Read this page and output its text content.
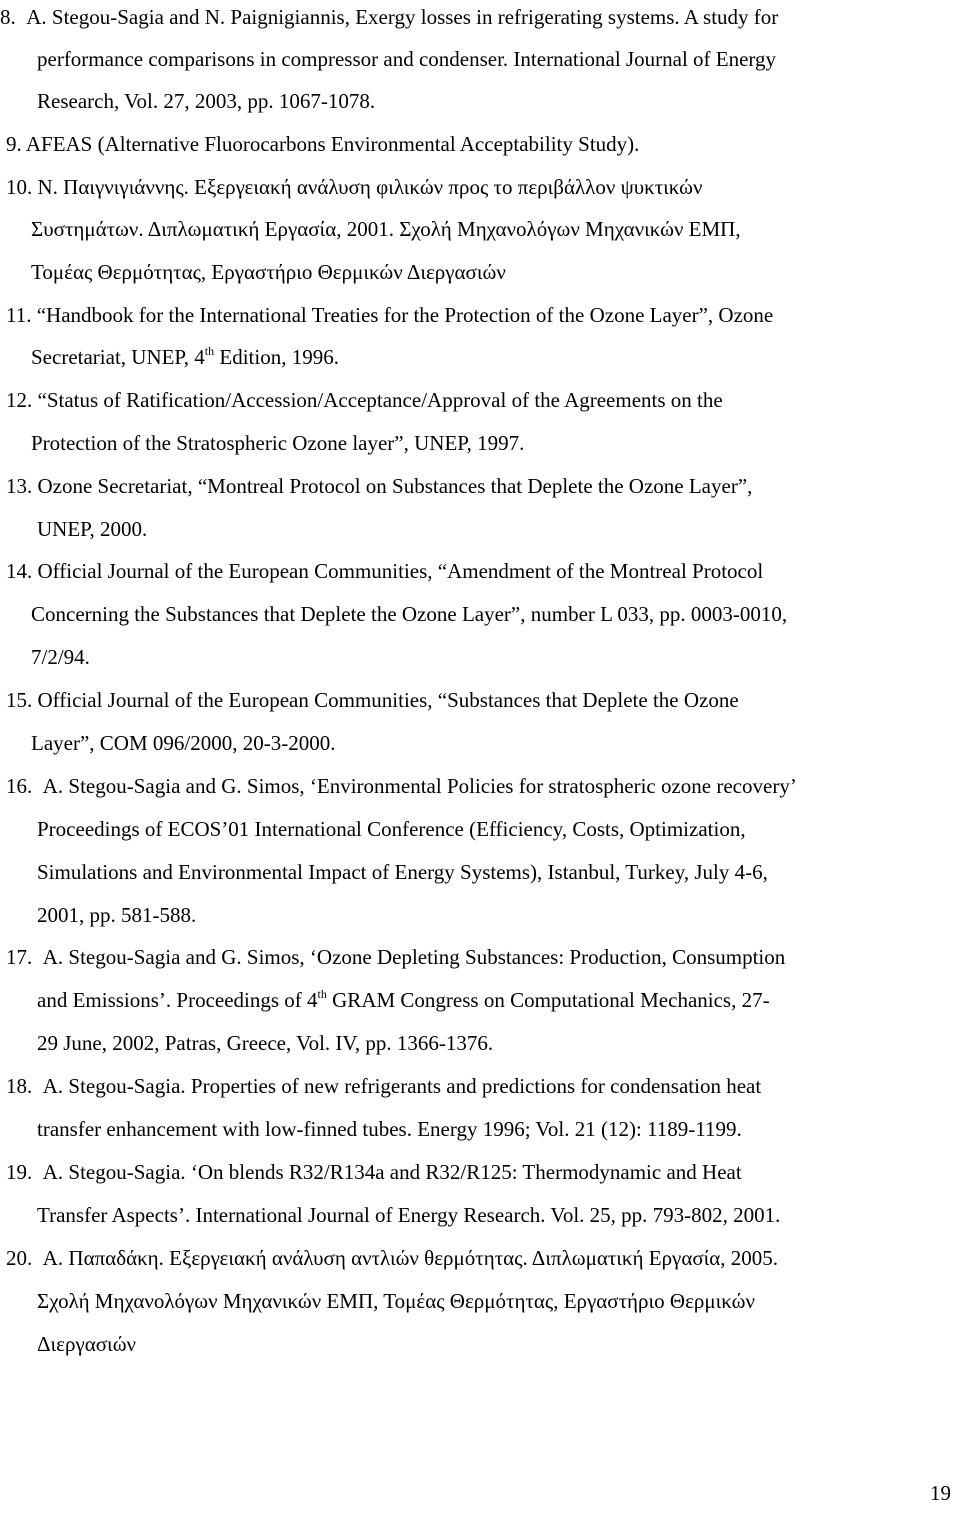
8. A. Stegou-Sagia and N. Paignigiannis, Exergy losses in refrigerating systems. A study for
performance comparisons in compressor and condenser. International Journal of Energy
Research, Vol. 27, 2003, pp. 1067-1078.
9. AFEAS (Alternative Fluorocarbons Environmental Acceptability Study).
10. Ν. Παιγνιγιάννης. Εξεργειακή ανάλυση φιλικών προς το περιβάλλον ψυκτικών
Συστημάτων. Διπλωματική Εργασία, 2001. Σχολή Μηχανολόγων Μηχανικών ΕΜΠ,
Τομέας Θερμότητας, Εργαστήριο Θερμικών Διεργασιών
11. “Handbook for the International Treaties for the Protection of the Ozone Layer”, Ozone
Secretariat, UNEP, 4th Edition, 1996.
12. “Status of Ratification/Accession/Acceptance/Approval of the Agreements on the
Protection of the Stratospheric Ozone layer”, UNEP, 1997.
13. Ozone Secretariat, “Montreal Protocol on Substances that Deplete the Ozone Layer”,
UNEP, 2000.
14. Official Journal of the European Communities, “Amendment of the Montreal Protocol
Concerning the Substances that Deplete the Ozone Layer”, number L 033, pp. 0003-0010,
7/2/94.
15. Official Journal of the European Communities, “Substances that Deplete the Ozone
Layer”, COM 096/2000, 20-3-2000.
16. A. Stegou-Sagia and G. Simos, ‘Environmental Policies for stratospheric ozone recovery’
Proceedings of ECOS’01 International Conference (Efficiency, Costs, Optimization,
Simulations and Environmental Impact of Energy Systems), Istanbul, Turkey, July 4-6,
2001, pp. 581-588.
17. A. Stegou-Sagia and G. Simos, ‘Ozone Depleting Substances: Production, Consumption
and Emissions’. Proceedings of 4th GRAM Congress on Computational Mechanics, 27-
29 June, 2002, Patras, Greece, Vol. IV, pp. 1366-1376.
18. A. Stegou-Sagia. Properties of new refrigerants and predictions for condensation heat
transfer enhancement with low-finned tubes. Energy 1996; Vol. 21 (12): 1189-1199.
19. A. Stegou-Sagia. ‘On blends R32/R134a and R32/R125: Thermodynamic and Heat
Transfer Aspects’. International Journal of Energy Research. Vol. 25, pp. 793-802, 2001.
20. Α. Παπαδάκη. Εξεργειακή ανάλυση αντλιών θερμότητας. Διπλωματική Εργασία, 2005.
Σχολή Μηχανολόγων Μηχανικών ΕΜΠ, Τομέας Θερμότητας, Εργαστήριο Θερμικών
Διεργασιών
19
